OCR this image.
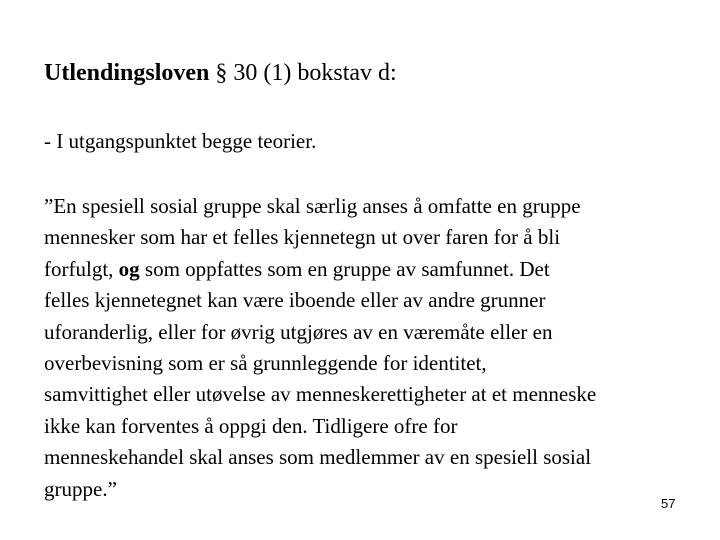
Utlendingsloven § 30 (1) bokstav d:
- I utgangspunktet begge teorier.
”En spesiell sosial gruppe skal særlig anses å omfatte en gruppe
mennesker som har et felles kjennetegn ut over faren for å bli
forfulgt, og som oppfattes som en gruppe av samfunnet. Det
felles kjennetegnet kan være iboende eller av andre grunner
uforanderlig, eller for øvrig utgjøres av en væremåte eller en
overbevisning som er så grunnleggende for identitet,
samvittighet eller utøvelse av menneskerettigheter at et menneske
ikke kan forventes å oppgi den. Tidligere ofre for
menneskehandel skal anses som medlemmer av en spesiell sosial
gruppe.”
57
